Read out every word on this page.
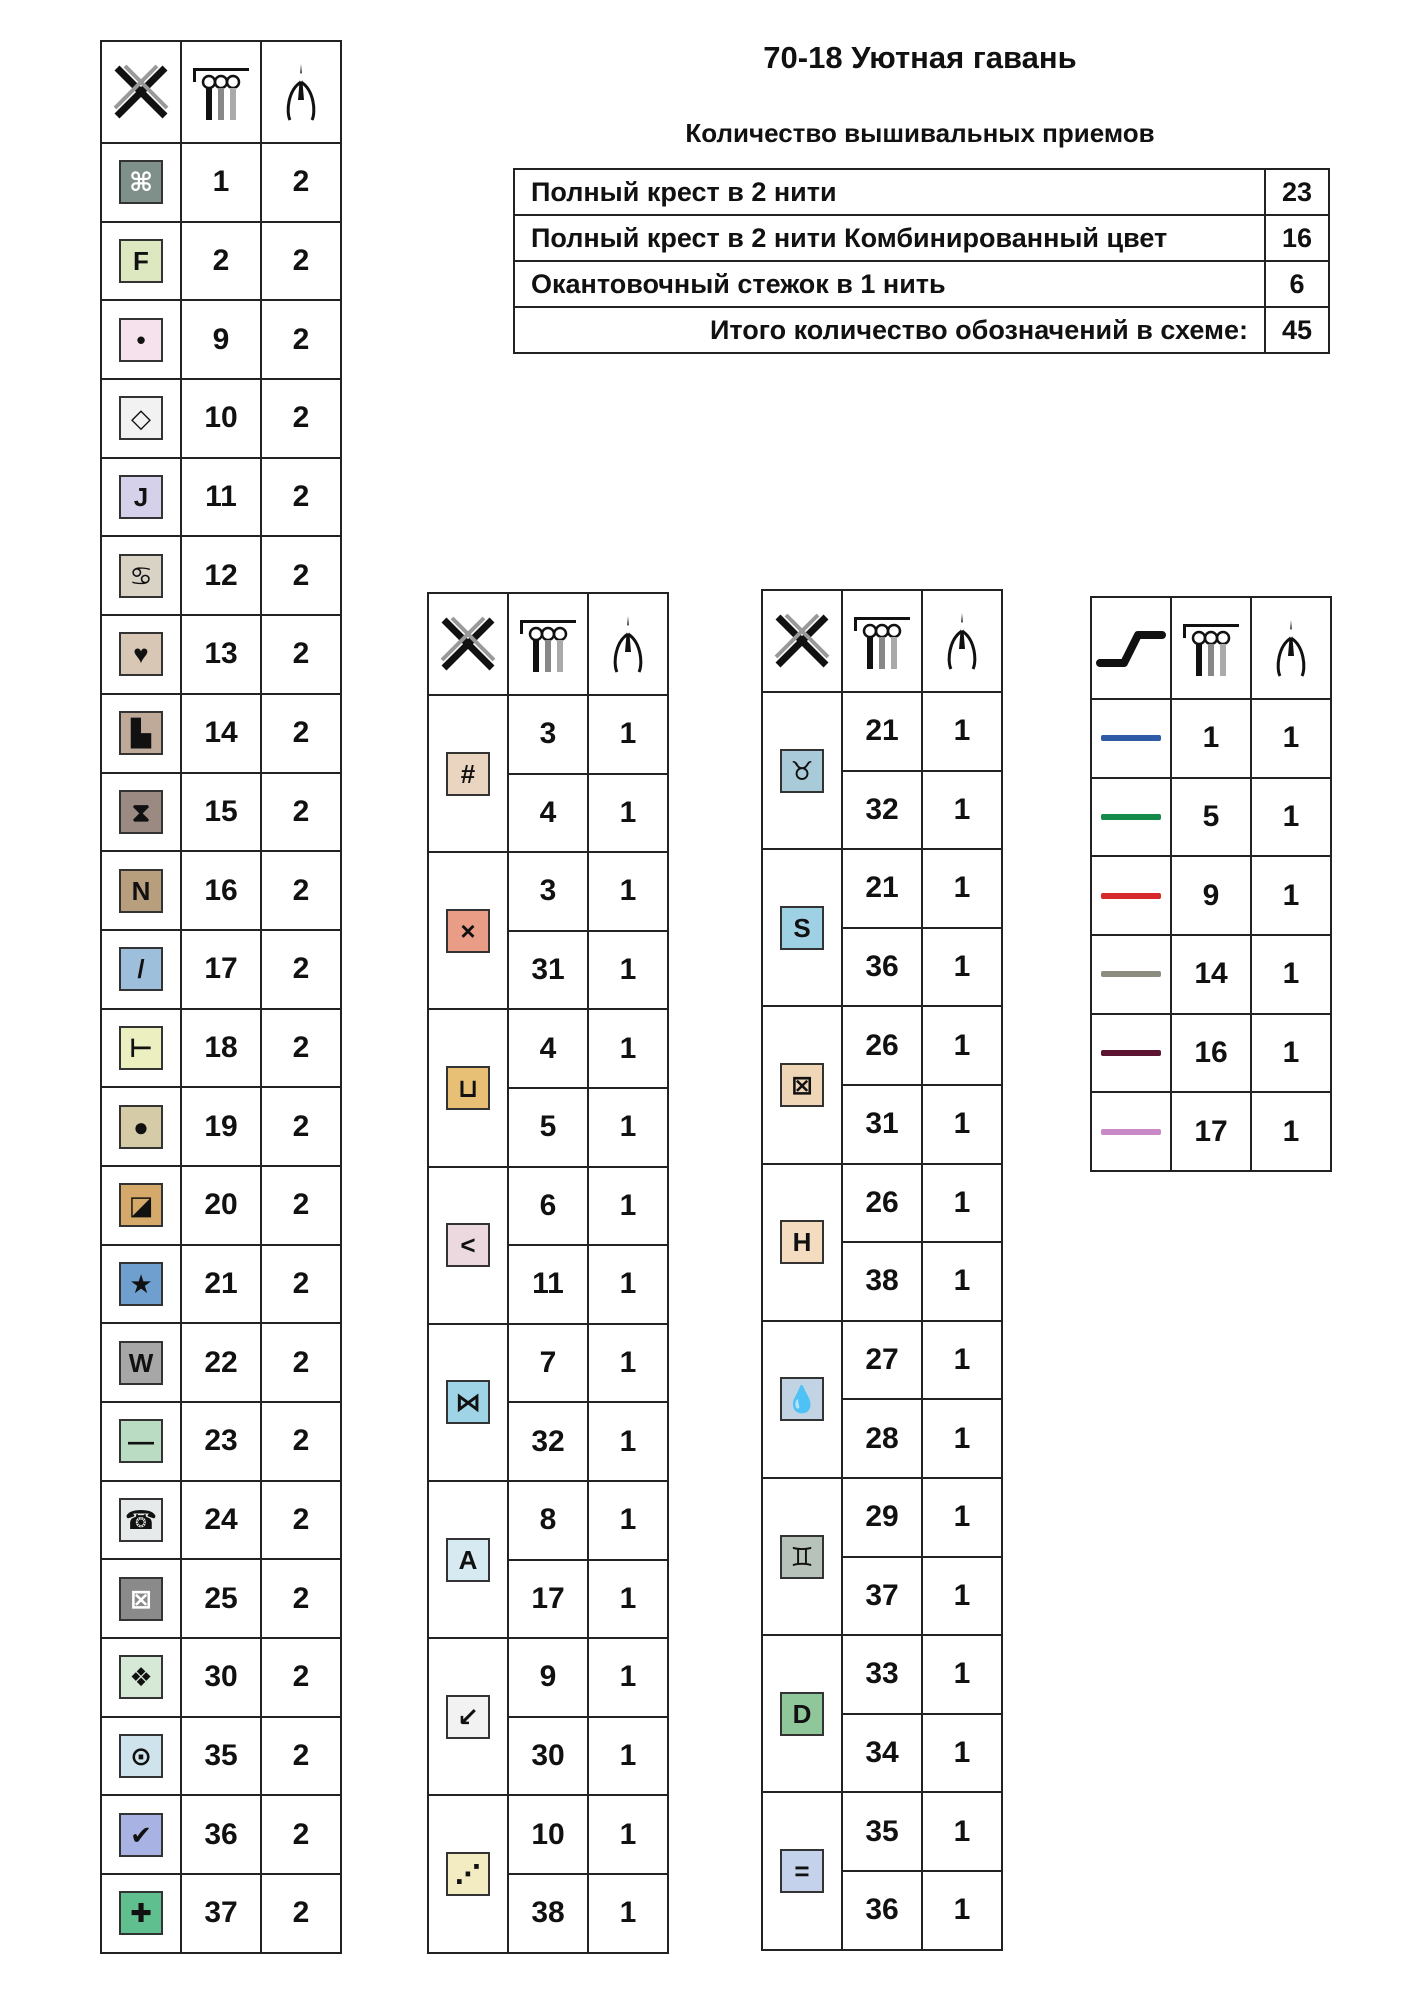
70-18 Уютная гавань
Количество вышивальных приемов
Полный крест в 2 нити	23
Полный крест в 2 нити Комбинированный цвет	16
Окантовочный стежок в 1 нить	6
Итого количество обозначений в схеме:	45

⌘	1	2
F	2	2
•	9	2
◇	10	2
J	11	2
♋	12	2
♥	13	2
▙	14	2
⧗	15	2
N	16	2
/	17	2
⊢	18	2
●	19	2
◪	20	2
★	21	2
W	22	2
—	23	2
☎	24	2
⊠	25	2
❖	30	2
⊙	35	2
✔	36	2
✚	37	2

#	3	1
	4	1
×	3	1
	31	1
⊔	4	1
	5	1
<	6	1
	11	1
⋈	7	1
	32	1
A	8	1
	17	1
↙	9	1
	30	1
⋰	10	1
	38	1

♉	21	1
	32	1
S	21	1
	36	1
⊠	26	1
	31	1
H	26	1
	38	1
💧	27	1
	28	1
♊	29	1
	37	1
D	33	1
	34	1
=	35	1
	36	1

	1	1

	5	1

	9	1

	14	1

	16	1

	17	1
